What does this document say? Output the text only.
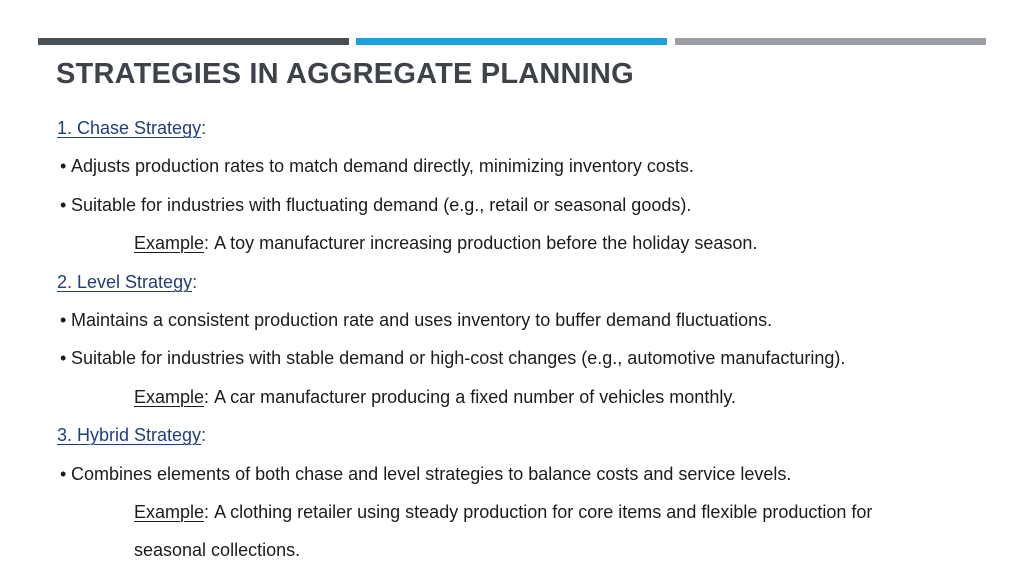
STRATEGIES IN AGGREGATE PLANNING
1. Chase Strategy:
• Adjusts production rates to match demand directly, minimizing inventory costs.
• Suitable for industries with fluctuating demand (e.g., retail or seasonal goods).
Example: A toy manufacturer increasing production before the holiday season.
2. Level Strategy:
• Maintains a consistent production rate and uses inventory to buffer demand fluctuations.
• Suitable for industries with stable demand or high-cost changes (e.g., automotive manufacturing).
Example: A car manufacturer producing a fixed number of vehicles monthly.
3. Hybrid Strategy:
• Combines elements of both chase and level strategies to balance costs and service levels.
Example: A clothing retailer using steady production for core items and flexible production for
seasonal collections.
